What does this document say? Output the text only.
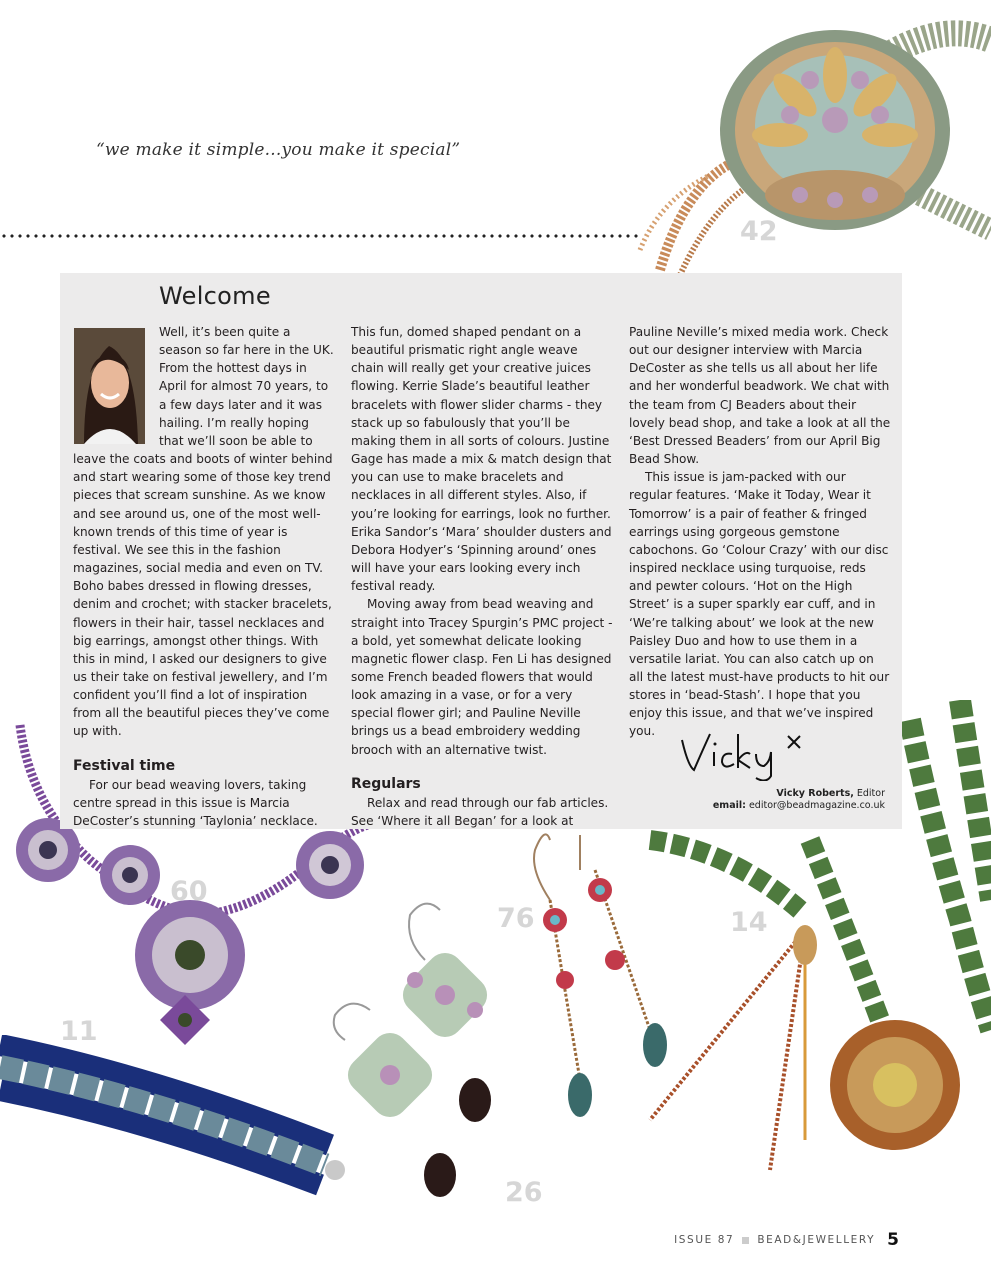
“we make it simple...you make it special”
42
60
11
26
76	14
Welcome

Well, it’s been quite a season so far here in the UK. From the hottest days in April for almost 70 years, to a few days later and it was hailing. I’m really hoping that we’ll soon be able to leave the coats and boots of winter behind and start wearing some of those key trend pieces that scream sunshine. As we know and see around us, one of the most well-known trends of this time of year is festival. We see this in the fashion magazines, social media and even on TV. Boho babes dressed in flowing dresses, denim and crochet; with stacker bracelets, flowers in their hair, tassel necklaces and big earrings, amongst other things. With this in mind, I asked our designers to give us their take on festival jewellery, and I’m confident you’ll find a lot of inspiration from all the beautiful pieces they’ve come up with.

Festival time

For our bead weaving lovers, taking centre spread in this issue is Marcia DeCoster’s stunning ‘Taylonia’ necklace.

This fun, domed shaped pendant on a beautiful prismatic right angle weave chain will really get your creative juices flowing. Kerrie Slade’s beautiful leather bracelets with flower slider charms - they stack up so fabulously that you’ll be making them in all sorts of colours. Justine Gage has made a mix & match design that you can use to make bracelets and necklaces in all different styles. Also, if you’re looking for earrings, look no further. Erika Sandor’s ‘Mara’ shoulder dusters and Debora Hodyer’s ‘Spinning around’ ones will have your ears looking every inch festival ready.

Moving away from bead weaving and straight into Tracey Spurgin’s PMC project - a bold, yet somewhat delicate looking magnetic flower clasp. Fen Li has designed some French beaded flowers that would look amazing in a vase, or for a very special flower girl; and Pauline Neville brings us a bead embroidery wedding brooch with an alternative twist.

Regulars

Relax and read through our fab articles. See ‘Where it all Began’ for a look at

Pauline Neville’s mixed media work. Check out our designer interview with Marcia DeCoster as she tells us all about her life and her wonderful beadwork. We chat with the team from CJ Beaders about their lovely bead shop, and take a look at all the ‘Best Dressed Beaders’ from our April Big Bead Show.

This issue is jam-packed with our regular features. ‘Make it Today, Wear it Tomorrow’ is a pair of feather & fringed earrings using gorgeous gemstone cabochons. Go ‘Colour Crazy’ with our disc inspired necklace using turquoise, reds and pewter colours. ‘Hot on the High Street’ is a super sparkly ear cuff, and in ‘We’re talking about’ we look at the new Paisley Duo and how to use them in a versatile lariat. You can also catch up on all the latest must-have products to hit our stores in ‘bead-Stash’. I hope that you enjoy this issue, and that we’ve inspired you.

Vicky Roberts, Editor
email: editor@beadmagazine.co.uk
ISSUE 87 BEAD&JEWELLERY 5
